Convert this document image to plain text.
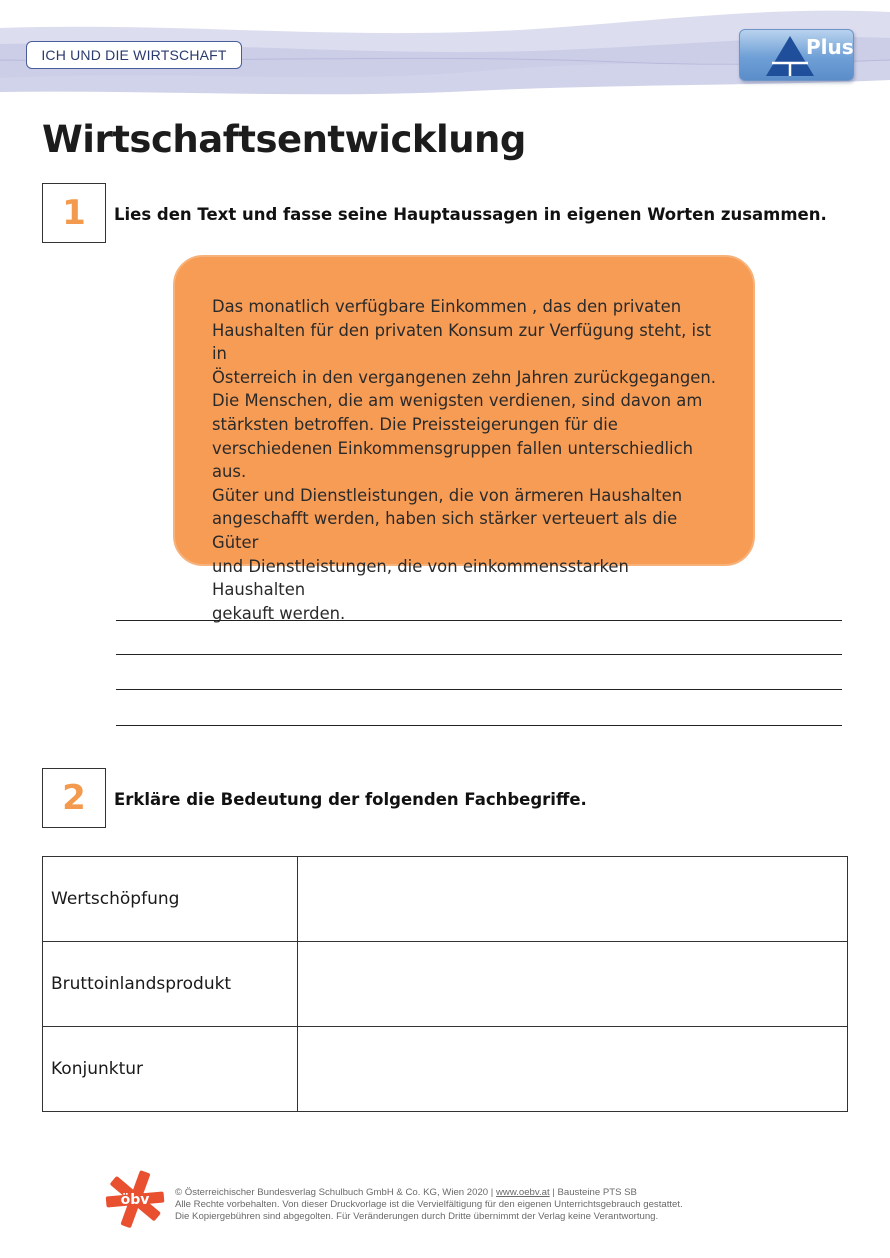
ICH UND DIE WIRTSCHAFT	Plus
Wirtschaftsentwicklung
1 Lies den Text und fasse seine Hauptaussagen in eigenen Worten zusammen.

Das monatlich verfügbare Einkommen , das den privaten
Haushalten für den privaten Konsum zur Verfügung steht, ist in
Österreich in den vergangenen zehn Jahren zurückgegangen.
Die Menschen, die am wenigsten verdienen, sind davon am
stärksten betroffen. Die Preissteigerungen für die
verschiedenen Einkommensgruppen fallen unterschiedlich aus.
Güter und Dienstleistungen, die von ärmeren Haushalten
angeschafft werden, haben sich stärker verteuert als die Güter
und Dienstleistungen, die von einkommensstarken Haushalten
gekauft werden.

2 Erkläre die Bedeutung der folgenden Fachbegriffe.
Wertschöpfung	
Bruttoinlandsprodukt	
Konjunktur	
öbv	© Österreichischer Bundesverlag Schulbuch GmbH & Co. KG, Wien 2020 | www.oebv.at | Bausteine PTS SB
Alle Rechte vorbehalten. Von dieser Druckvorlage ist die Vervielfältigung für den eigenen Unterrichtsgebrauch gestattet.
Die Kopiergebühren sind abgegolten. Für Veränderungen durch Dritte übernimmt der Verlag keine Verantwortung.
